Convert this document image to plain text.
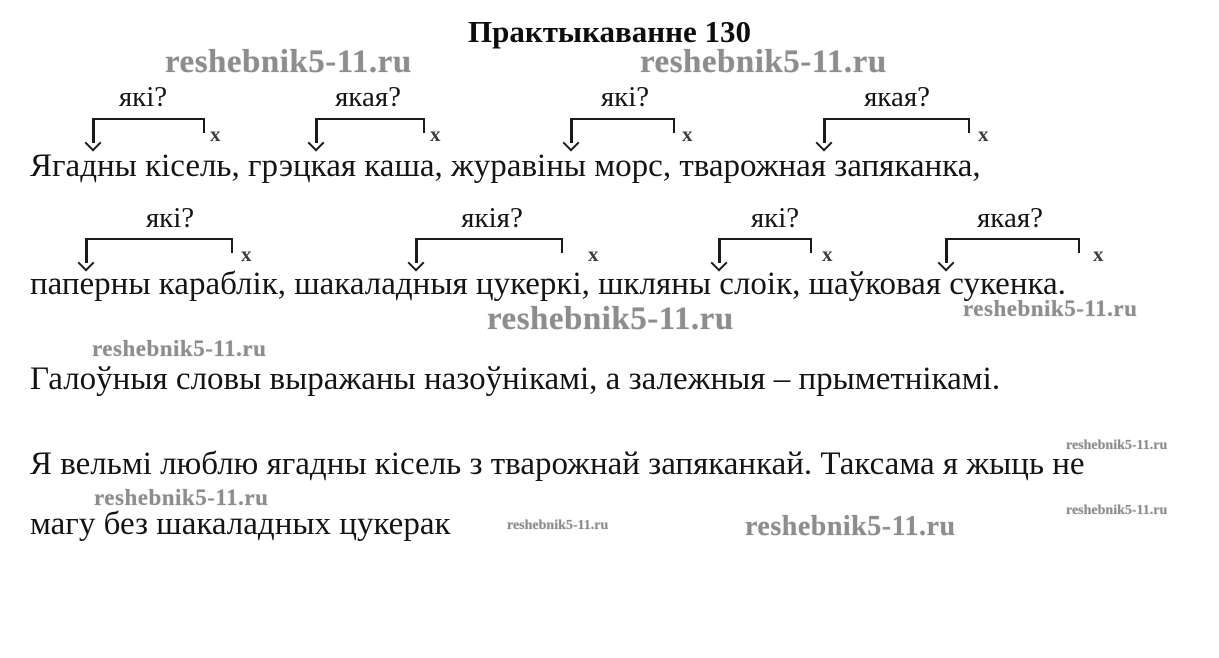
Практыкаванне 130
reshebnik5-11.ru	reshebnik5-11.ru
reshebnik5-11.ru	reshebnik5-11.ru
reshebnik5-11.ru
reshebnik5-11.ru
reshebnik5-11.ru
reshebnik5-11.ru	reshebnik5-11.ru
reshebnik5-11.ru
які?	якая?	які?	якая?
x	x	x	x
Ягадны кісель, грэцкая каша, журавіны морс, тварожная запяканка,
які?	якія?	які?	якая?
x	x	x	x
паперны караблік, шакаладныя цукеркі, шкляны слоік, шаўковая сукенка.
Галоўныя словы выражаны назоўнікамі, а залежныя – прыметнікамі.
Я вельмі люблю ягадны кісель з тварожнай запяканкай. Таксама я жыць не
магу без шакаладных цукерак
